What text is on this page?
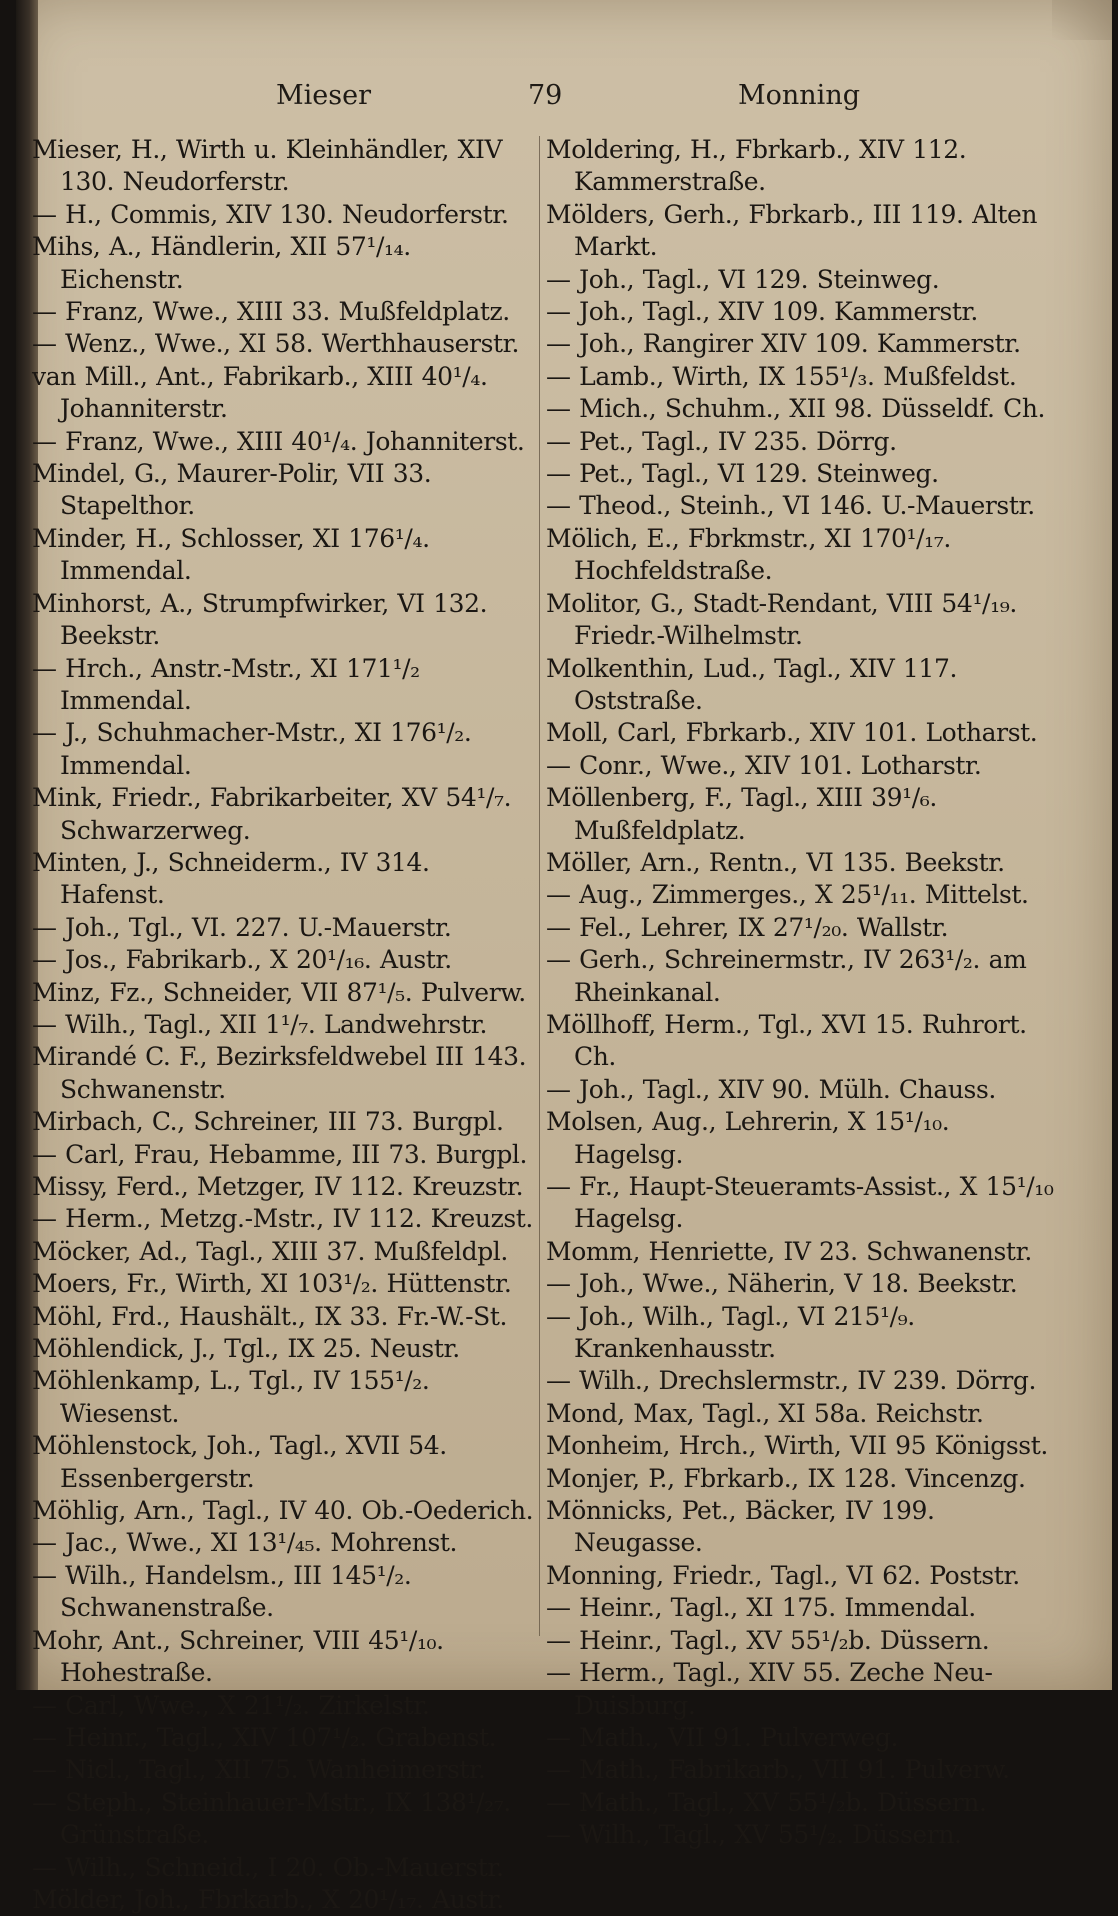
Mieser	79	Monning

Mieser, H., Wirth u. Kleinhändler, XIV 130. Neudorferstr.

— H., Commis, XIV 130. Neudorferstr.

Mihs, A., Händlerin, XII 57¹/₁₄. Eichenstr.

— Franz, Wwe., XIII 33. Mußfeldplatz.

— Wenz., Wwe., XI 58. Werthhauserstr.

van Mill., Ant., Fabrikarb., XIII 40¹/₄. Johanniterstr.

— Franz, Wwe., XIII 40¹/₄. Johanniterst.

Mindel, G., Maurer-Polir, VII 33. Stapelthor.

Minder, H., Schlosser, XI 176¹/₄. Immendal.

Minhorst, A., Strumpfwirker, VI 132. Beekstr.

— Hrch., Anstr.-Mstr., XI 171¹/₂ Immendal.

— J., Schuhmacher-Mstr., XI 176¹/₂. Immendal.

Mink, Friedr., Fabrikarbeiter, XV 54¹/₇. Schwarzerweg.

Minten, J., Schneiderm., IV 314. Hafenst.

— Joh., Tgl., VI. 227. U.-Mauerstr.

— Jos., Fabrikarb., X 20¹/₁₆. Austr.

Minz, Fz., Schneider, VII 87¹/₅. Pulverw.

— Wilh., Tagl., XII 1¹/₇. Landwehrstr.

Mirandé C. F., Bezirksfeldwebel III 143. Schwanenstr.

Mirbach, C., Schreiner, III 73. Burgpl.

— Carl, Frau, Hebamme, III 73. Burgpl.

Missy, Ferd., Metzger, IV 112. Kreuzstr.

— Herm., Metzg.-Mstr., IV 112. Kreuzst.

Möcker, Ad., Tagl., XIII 37. Mußfeldpl.

Moers, Fr., Wirth, XI 103¹/₂. Hüttenstr.

Möhl, Frd., Haushält., IX 33. Fr.-W.-St.

Möhlendick, J., Tgl., IX 25. Neustr.

Möhlenkamp, L., Tgl., IV 155¹/₂. Wiesenst.

Möhlenstock, Joh., Tagl., XVII 54. Essenbergerstr.

Möhlig, Arn., Tagl., IV 40. Ob.-Oederich.

— Jac., Wwe., XI 13¹/₄₅. Mohrenst.

— Wilh., Handelsm., III 145¹/₂. Schwanenstraße.

Mohr, Ant., Schreiner, VIII 45¹/₁₀. Hohestraße.

— Carl, Wwe., X 21¹/₂. Zirkelstr.

— Heinr., Tagl., XIV 107¹/₂. Grabenst.

— Nicl., Tagl., XII 75. Wanheimerstr.

— Steph., Steinhauer-Mstr., IX 138¹/₂₇. Grünstraße.

— Wilh., Schneid., I 20. Ob.-Mauerstr.

Mölder, Joh., Fbrkarb., X 20¹/₁₇. Austr.

Moldering, H., Fbrkarb., XIV 112. Kammerstraße.

Mölders, Gerh., Fbrkarb., III 119. Alten Markt.

— Joh., Tagl., VI 129. Steinweg.

— Joh., Tagl., XIV 109. Kammerstr.

— Joh., Rangirer XIV 109. Kammerstr.

— Lamb., Wirth, IX 155¹/₃. Mußfeldst.

— Mich., Schuhm., XII 98. Düsseldf. Ch.

— Pet., Tagl., IV 235. Dörrg.

— Pet., Tagl., VI 129. Steinweg.

— Theod., Steinh., VI 146. U.-Mauerstr.

Mölich, E., Fbrkmstr., XI 170¹/₁₇. Hochfeldstraße.

Molitor, G., Stadt-Rendant, VIII 54¹/₁₉. Friedr.-Wilhelmstr.

Molkenthin, Lud., Tagl., XIV 117. Oststraße.

Moll, Carl, Fbrkarb., XIV 101. Lotharst.

— Conr., Wwe., XIV 101. Lotharstr.

Möllenberg, F., Tagl., XIII 39¹/₆. Mußfeldplatz.

Möller, Arn., Rentn., VI 135. Beekstr.

— Aug., Zimmerges., X 25¹/₁₁. Mittelst.

— Fel., Lehrer, IX 27¹/₂₀. Wallstr.

— Gerh., Schreinermstr., IV 263¹/₂. am Rheinkanal.

Möllhoff, Herm., Tgl., XVI 15. Ruhrort. Ch.

— Joh., Tagl., XIV 90. Mülh. Chauss.

Molsen, Aug., Lehrerin, X 15¹/₁₀. Hagelsg.

— Fr., Haupt-Steueramts-Assist., X 15¹/₁₀ Hagelsg.

Momm, Henriette, IV 23. Schwanenstr.

— Joh., Wwe., Näherin, V 18. Beekstr.

— Joh., Wilh., Tagl., VI 215¹/₉. Krankenhausstr.

— Wilh., Drechslermstr., IV 239. Dörrg.

Mond, Max, Tagl., XI 58a. Reichstr.

Monheim, Hrch., Wirth, VII 95 Königsst.

Monjer, P., Fbrkarb., IX 128. Vincenzg.

Mönnicks, Pet., Bäcker, IV 199. Neugasse.

Monning, Friedr., Tagl., VI 62. Poststr.

— Heinr., Tagl., XI 175. Immendal.

— Heinr., Tagl., XV 55¹/₂b. Düssern.

— Herm., Tagl., XIV 55. Zeche Neu-Duisburg.

— Math., VII 91. Pulverweg.

— Math., Fabrikarb., VII 91. Pulverw.

— Math., Tagl., XV 55¹/₂b. Düssern.

— Wilh., Tagl., XV 55¹/₂. Düssern.
